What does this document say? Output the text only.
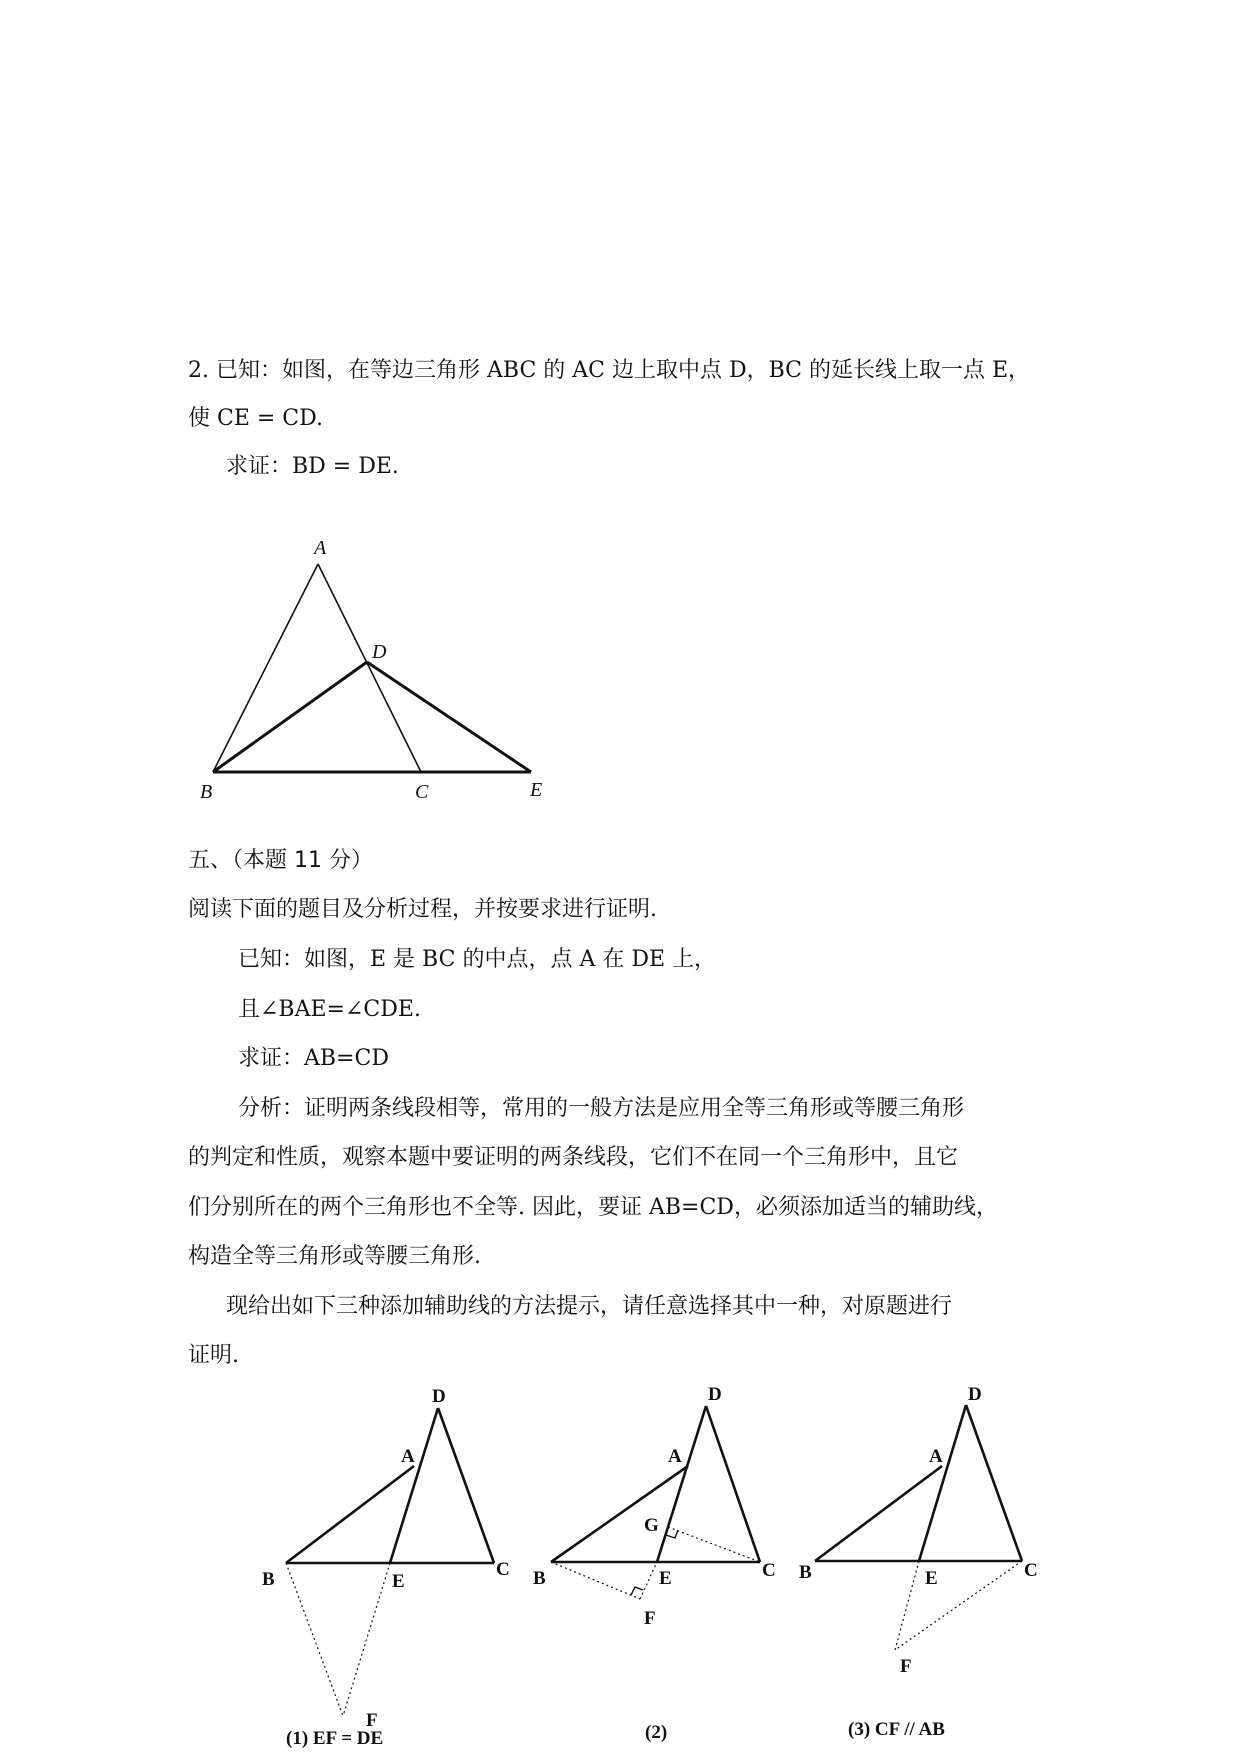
2. 已知：如图，在等边三角形 ABC 的 AC 边上取中点 D，BC 的延长线上取一点 E，
使 CE = CD.
求证：BD = DE.
五、（本题 11 分）
阅读下面的题目及分析过程，并按要求进行证明.
已知：如图，E 是 BC 的中点，点 A 在 DE 上，
且∠BAE=∠CDE.
求证：AB=CD
分析：证明两条线段相等，常用的一般方法是应用全等三角形或等腰三角形
的判定和性质，观察本题中要证明的两条线段，它们不在同一个三角形中，且它
们分别所在的两个三角形也不全等. 因此，要证 AB=CD，必须添加适当的辅助线，
构造全等三角形或等腰三角形.
现给出如下三种添加辅助线的方法提示，请任意选择其中一种，对原题进行
证明.
A
B	C
D
E
D
A
B	E
C
F
(1) EF = DE
D
A
G
B	E	C
F
(2)
D
A
B	E	C
F
(3) CF // AB
